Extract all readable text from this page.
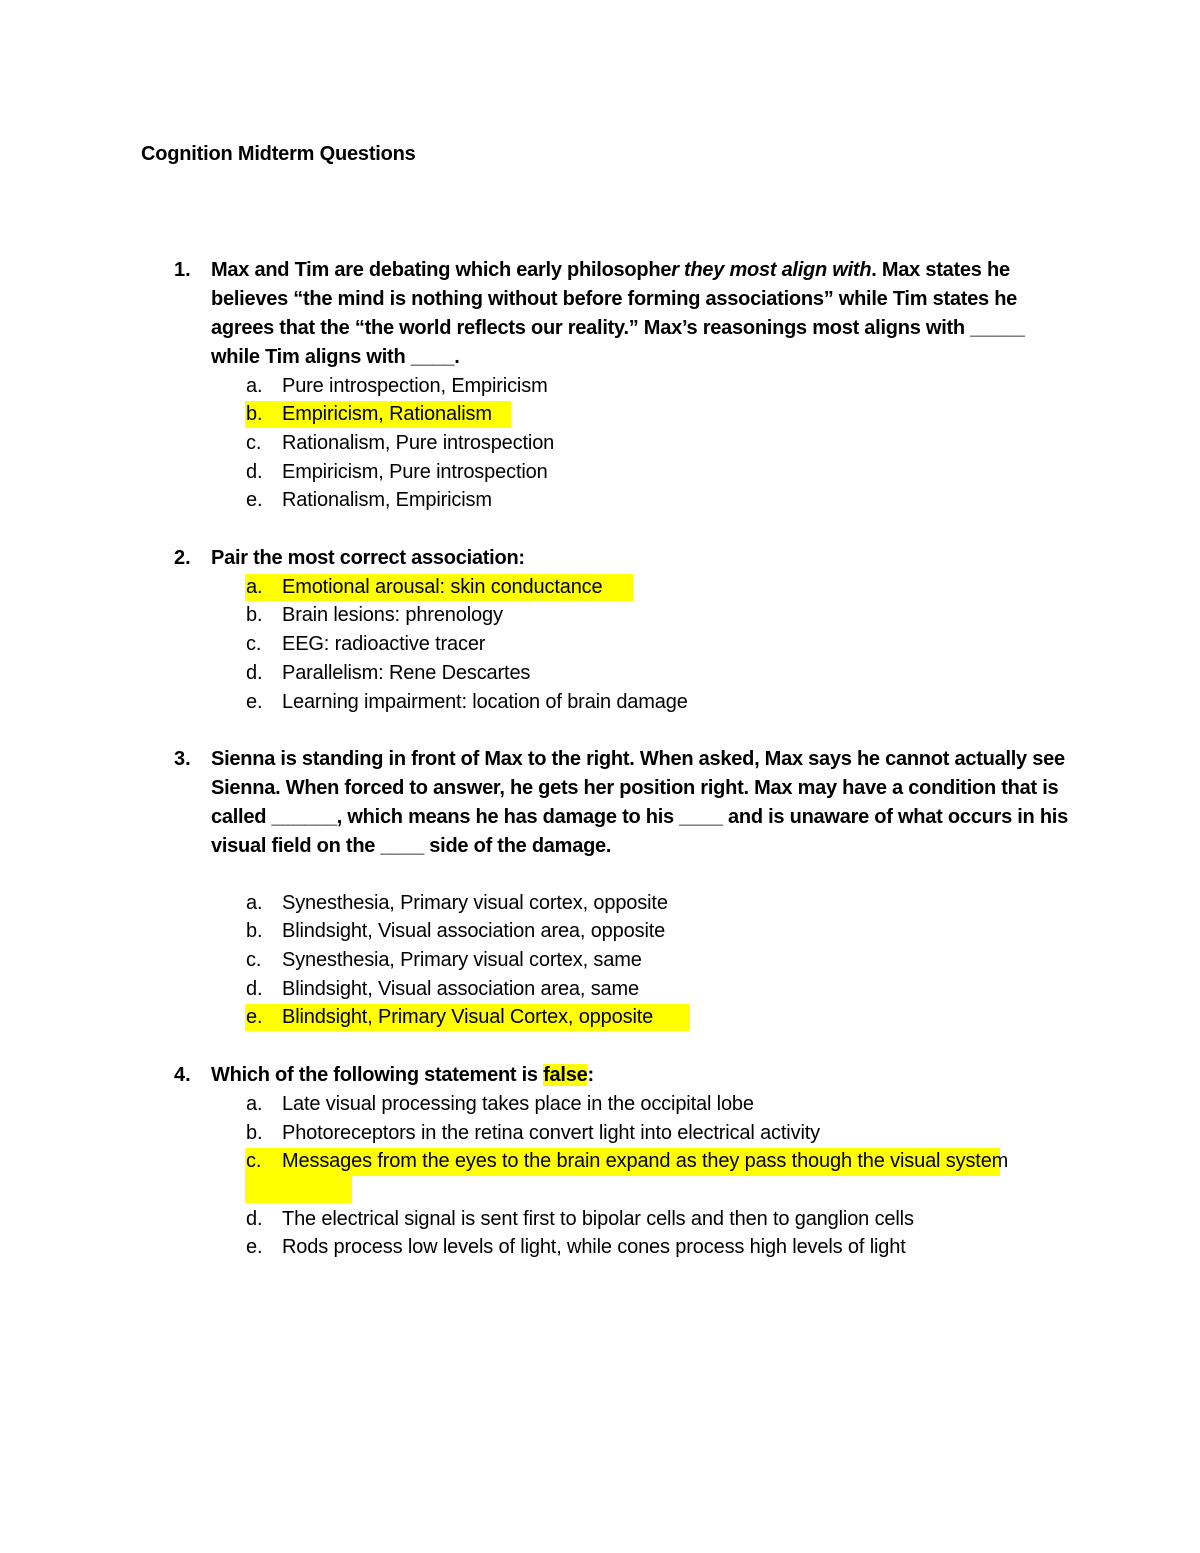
Cognition Midterm Questions
1. Max and Tim are debating which early philosopher they most align with. Max states he believes “the mind is nothing without before forming associations” while Tim states he agrees that the “the world reflects our reality.” Max’s reasonings most aligns with _____ while Tim aligns with ____.
a. Pure introspection, Empiricism
b. Empiricism, Rationalism
c. Rationalism, Pure introspection
d. Empiricism, Pure introspection
e. Rationalism, Empiricism
2. Pair the most correct association:
a. Emotional arousal: skin conductance
b. Brain lesions: phrenology
c. EEG: radioactive tracer
d. Parallelism: Rene Descartes
e. Learning impairment: location of brain damage
3. Sienna is standing in front of Max to the right. When asked, Max says he cannot actually see Sienna. When forced to answer, he gets her position right. Max may have a condition that is called ______, which means he has damage to his ____ and is unaware of what occurs in his visual field on the ____ side of the damage.
a. Synesthesia, Primary visual cortex, opposite
b. Blindsight, Visual association area, opposite
c. Synesthesia, Primary visual cortex, same
d. Blindsight, Visual association area, same
e. Blindsight, Primary Visual Cortex, opposite
4. Which of the following statement is false:
a. Late visual processing takes place in the occipital lobe
b. Photoreceptors in the retina convert light into electrical activity
c. Messages from the eyes to the brain expand as they pass though the visual system
d. The electrical signal is sent first to bipolar cells and then to ganglion cells
e. Rods process low levels of light, while cones process high levels of light
